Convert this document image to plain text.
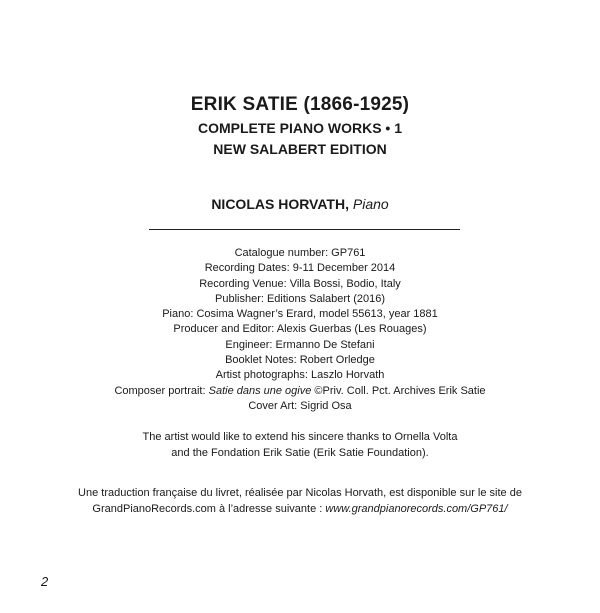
ERIK SATIE (1866-1925)
COMPLETE PIANO WORKS • 1
NEW SALABERT EDITION
NICOLAS HORVATH, Piano
Catalogue number: GP761
Recording Dates: 9-11 December 2014
Recording Venue: Villa Bossi, Bodio, Italy
Publisher: Editions Salabert (2016)
Piano: Cosima Wagner’s Erard, model 55613, year 1881
Producer and Editor: Alexis Guerbas (Les Rouages)
Engineer: Ermanno De Stefani
Booklet Notes: Robert Orledge
Artist photographs: Laszlo Horvath
Composer portrait: Satie dans une ogive ©Priv. Coll. Pct. Archives Erik Satie
Cover Art: Sigrid Osa
The artist would like to extend his sincere thanks to Ornella Volta
and the Fondation Erik Satie (Erik Satie Foundation).
Une traduction française du livret, réalisée par Nicolas Horvath, est disponible sur le site de
GrandPianoRecords.com à l’adresse suivante : www.grandpianorecords.com/GP761/
2
